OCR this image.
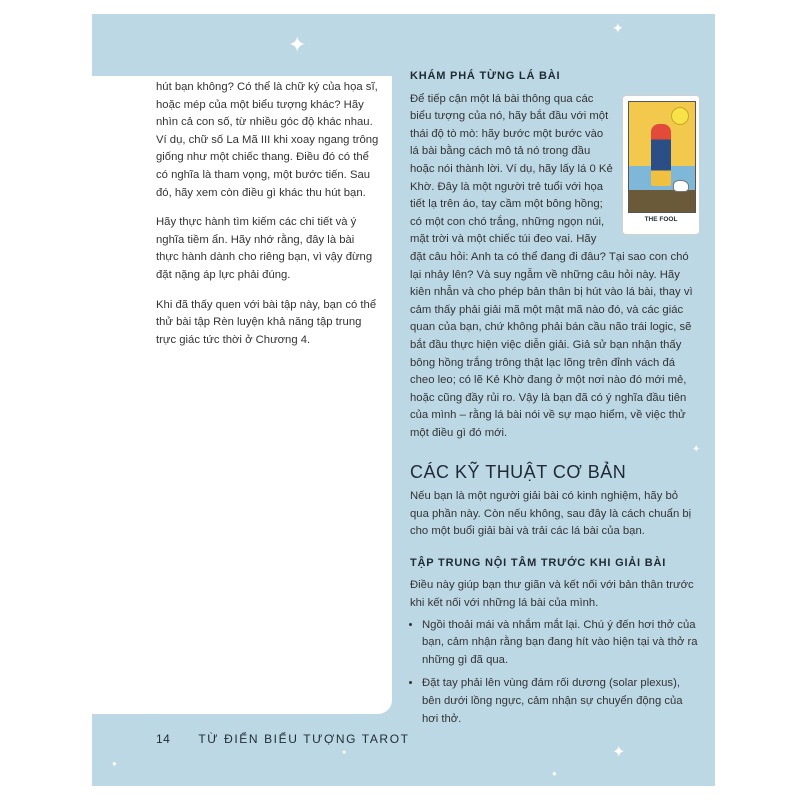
✦
✦
✦
✦
●
●
●

hút bạn không? Có thể là chữ ký của họa sĩ, hoặc mép của một biểu tượng khác? Hãy nhìn cả con số, từ nhiều góc độ khác nhau. Ví dụ, chữ số La Mã III khi xoay ngang trông giống như một chiếc thang. Điều đó có thể có nghĩa là tham vọng, một bước tiến. Sau đó, hãy xem còn điều gì khác thu hút bạn.

Hãy thực hành tìm kiếm các chi tiết và ý nghĩa tiềm ẩn. Hãy nhớ rằng, đây là bài thực hành dành cho riêng bạn, vì vậy đừng đặt nặng áp lực phải đúng.

Khi đã thấy quen với bài tập này, bạn có thể thử bài tập Rèn luyện khả năng tập trung trực giác tức thời ở Chương 4.

KHÁM PHÁ TỪNG LÁ BÀI
THE FOOL

Để tiếp cận một lá bài thông qua các biểu tượng của nó, hãy bắt đầu với một thái độ tò mò: hãy bước một bước vào lá bài bằng cách mô tả nó trong đầu hoặc nói thành lời. Ví dụ, hãy lấy lá 0 Kẻ Khờ. Đây là một người trẻ tuổi với họa tiết lạ trên áo, tay cầm một bông hồng; có một con chó trắng, những ngọn núi, mặt trời và một chiếc túi đeo vai. Hãy đặt câu hỏi: Anh ta có thể đang đi đâu? Tại sao con chó lại nhảy lên? Và suy ngẫm về những câu hỏi này. Hãy kiên nhẫn và cho phép bản thân bị hút vào lá bài, thay vì cảm thấy phải giải mã một mật mã nào đó, và các giác quan của bạn, chứ không phải bán cầu não trái logic, sẽ bắt đầu thực hiện việc diễn giải. Giả sử bạn nhận thấy bông hồng trắng trông thật lạc lõng trên đỉnh vách đá cheo leo; có lẽ Kẻ Khờ đang ở một nơi nào đó mới mẻ, hoặc cũng đầy rủi ro. Vậy là bạn đã có ý nghĩa đầu tiên của mình – rằng lá bài nói về sự mạo hiểm, về việc thử một điều gì đó mới.

CÁC KỸ THUẬT CƠ BẢN

Nếu bạn là một người giải bài có kinh nghiệm, hãy bỏ qua phần này. Còn nếu không, sau đây là cách chuẩn bị cho một buổi giải bài và trải các lá bài của bạn.

TẬP TRUNG NỘI TÂM TRƯỚC KHI GIẢI BÀI

Điều này giúp bạn thư giãn và kết nối với bản thân trước khi kết nối với những lá bài của mình.

• Ngồi thoải mái và nhắm mắt lại. Chú ý đến hơi thở của bạn, cảm nhận rằng bạn đang hít vào hiện tại và thở ra những gì đã qua.
• Đặt tay phải lên vùng đám rối dương (solar plexus), bên dưới lồng ngực, cảm nhận sự chuyển động của hơi thở.
14 TỪ ĐIỂN BIỂU TƯỢNG TAROT
